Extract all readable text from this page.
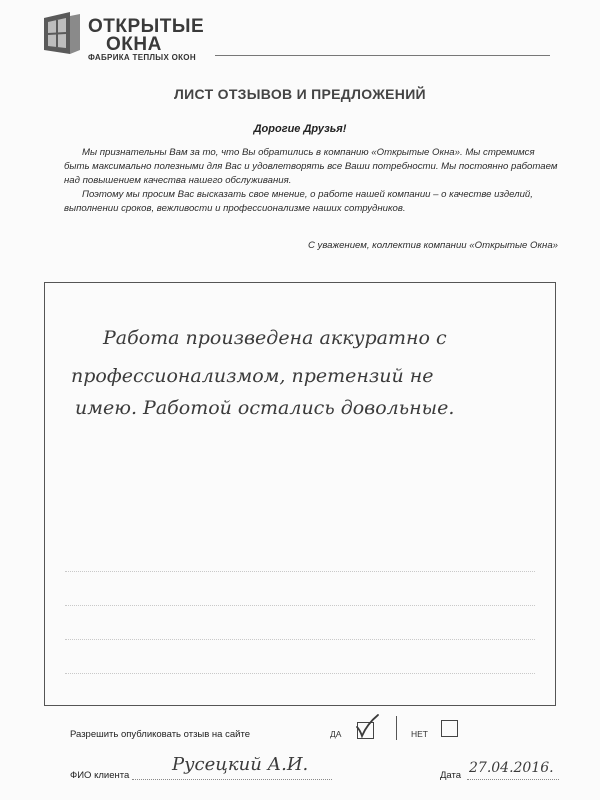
ОТКРЫТЫЕ
ОКНА
ФАБРИКА ТЕПЛЫХ ОКОН
ЛИСТ ОТЗЫВОВ И ПРЕДЛОЖЕНИЙ
Дорогие Друзья!

Мы признательны Вам за то, что Вы обратились в компанию «Открытые Окна». Мы стремимся быть максимально полезными для Вас и удовлетворять все Ваши потребности. Мы постоянно работаем над повышением качества нашего обслуживания.

Поэтому мы просим Вас высказать свое мнение, о работе нашей компании – о качестве изделий, выполнении сроков, вежливости и профессионализме наших сотрудников.

С уважением, коллектив компании «Открытые Окна»
Работа произведена аккуратно с
профессионализмом, претензий не
имею. Работой остались довольные.
Разрешить опубликовать отзыв на сайте	ДА	НЕТ
ФИО клиента
Русецкий А.И.
Дата 27.04.2016.
